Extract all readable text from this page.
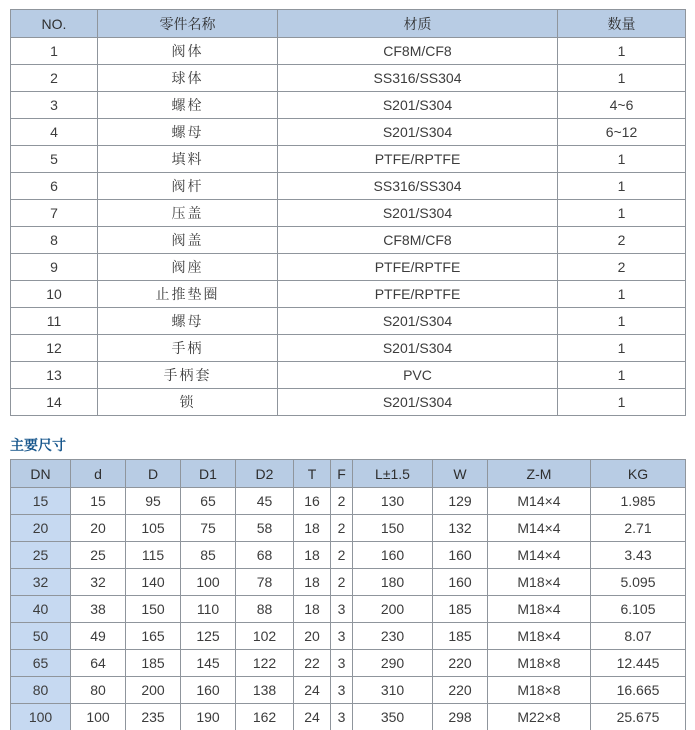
NO.	零件名称	材质	数量
1	阀体	CF8M/CF8	1
2	球体	SS316/SS304	1
3	螺栓	S201/S304	4~6
4	螺母	S201/S304	6~12
5	填料	PTFE/RPTFE	1
6	阀杆	SS316/SS304	1
7	压盖	S201/S304	1
8	阀盖	CF8M/CF8	2
9	阀座	PTFE/RPTFE	2
10	止推垫圈	PTFE/RPTFE	1
11	螺母	S201/S304	1
12	手柄	S201/S304	1
13	手柄套	PVC	1
14	锁	S201/S304	1
主要尺寸
DN	d	D	D1	D2	T	F	L±1.5	W	Z-M	KG
15	15	95	65	45	16	2	130	129	M14×4	1.985
20	20	105	75	58	18	2	150	132	M14×4	2.71
25	25	115	85	68	18	2	160	160	M14×4	3.43
32	32	140	100	78	18	2	180	160	M18×4	5.095
40	38	150	110	88	18	3	200	185	M18×4	6.105
50	49	165	125	102	20	3	230	185	M18×4	8.07
65	64	185	145	122	22	3	290	220	M18×8	12.445
80	80	200	160	138	24	3	310	220	M18×8	16.665
100	100	235	190	162	24	3	350	298	M22×8	25.675
